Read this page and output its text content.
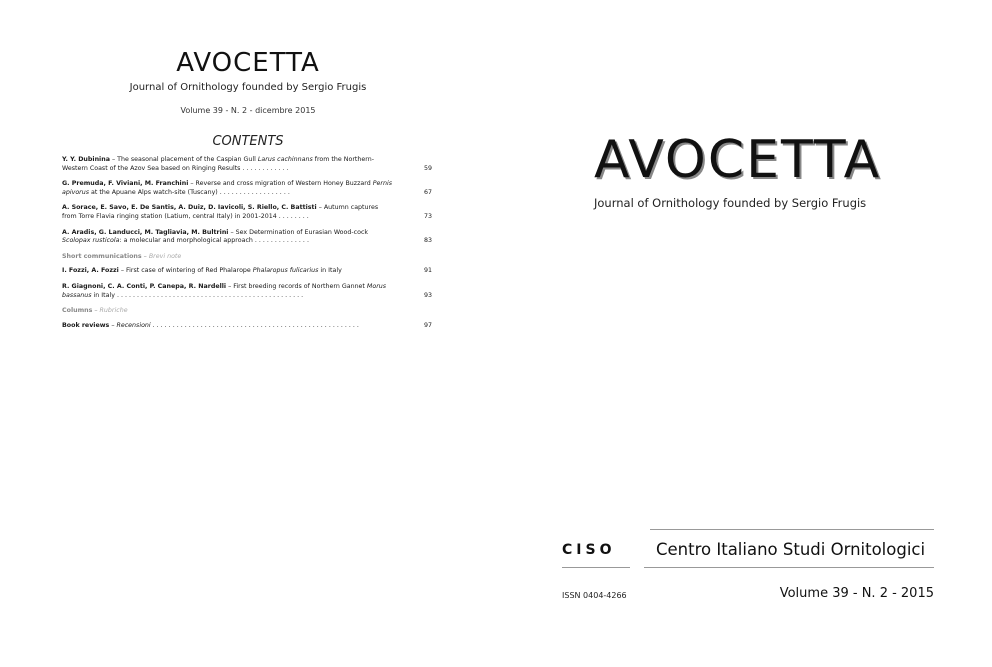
AVOCETTA
Journal of Ornithology founded by Sergio Frugis
Volume 39 - N. 2 - dicembre 2015
CONTENTS
Y. Y. Dubinina – The seasonal placement of the Caspian Gull Larus cachinnans from the Northern-Western Coast of the Azov Sea based on Ringing Results . . . . . . . . . . . .	59
G. Premuda, F. Viviani, M. Franchini – Reverse and cross migration of Western Honey Buzzard Pernis apivorus at the Apuane Alps watch-site (Tuscany) . . . . . . . . . . . . . . . . . .	67
A. Sorace, E. Savo, E. De Santis, A. Duiz, D. Iavicoli, S. Riello, C. Battisti – Autumn captures from Torre Flavia ringing station (Latium, central Italy) in 2001-2014 . . . . . . . .	73
A. Aradis, G. Landucci, M. Tagliavia, M. Bultrini – Sex Determination of Eurasian Wood-cock Scolopax rusticola: a molecular and morphological approach . . . . . . . . . . . . . .	83
Short communications – Brevi note
I. Fozzi, A. Fozzi – First case of wintering of Red Phalarope Phalaropus fulicarius in Italy	91
R. Giagnoni, C. A. Conti, P. Canepa, R. Nardelli – First breeding records of Northern Gannet Morus bassanus in Italy . . . . . . . . . . . . . . . . . . . . . . . . . . . . . . . . . . . . . . . . . . . . . . .	93
Columns – Rubriche
Book reviews – Recensioni . . . . . . . . . . . . . . . . . . . . . . . . . . . . . . . . . . . . . . . . . . . . . . . . . . . .	97
AVOCETTA
Journal of Ornithology founded by Sergio Frugis
CISO Centro Italiano Studi Ornitologici
ISSN 0404-4266	Volume 39 - N. 2 - 2015
